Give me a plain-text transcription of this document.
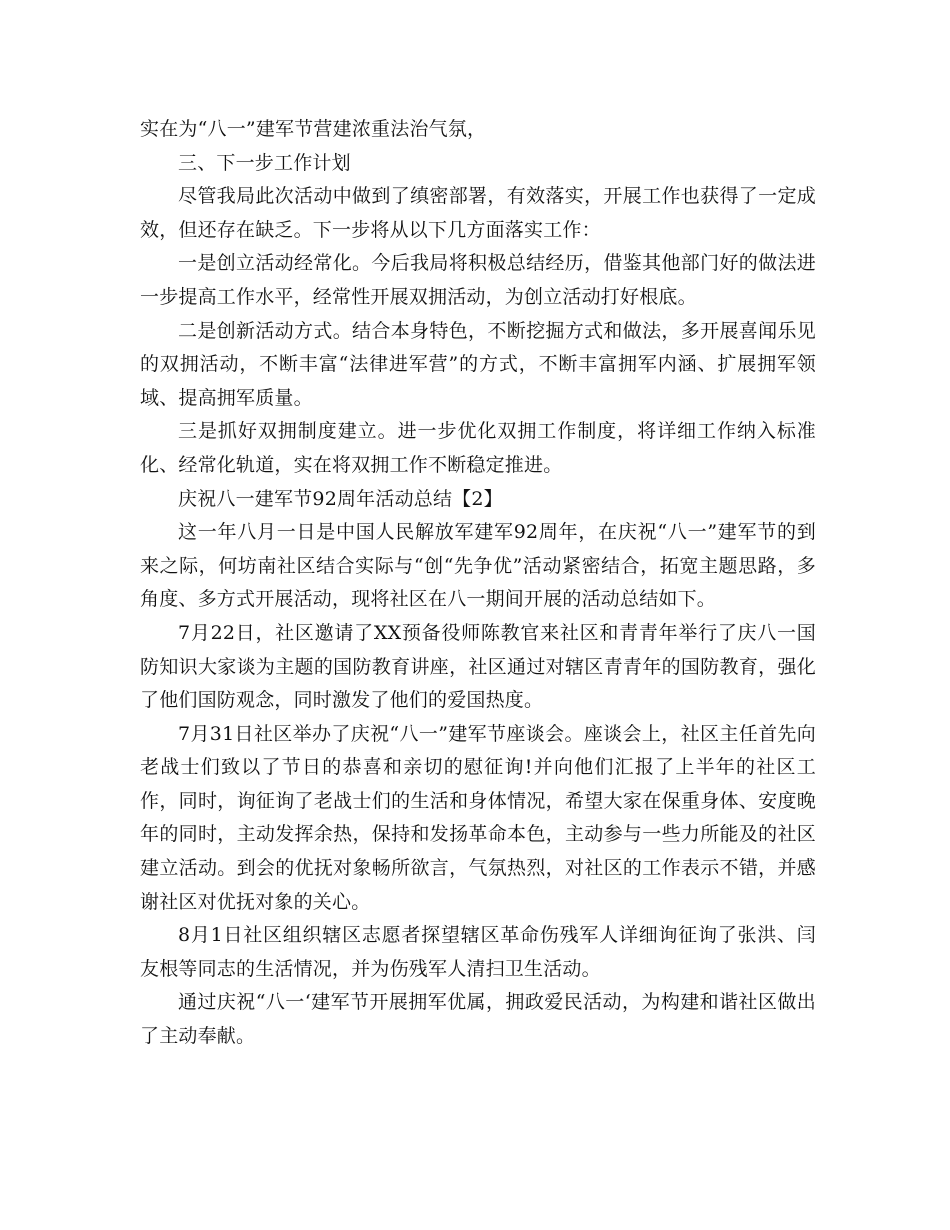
实在为“八一”建军节营建浓重法治气氛，

三、下一步工作计划

尽管我局此次活动中做到了缜密部署，有效落实，开展工作也获得了一定成效，但还存在缺乏。下一步将从以下几方面落实工作：

一是创立活动经常化。今后我局将积极总结经历，借鉴其他部门好的做法进一步提高工作水平，经常性开展双拥活动，为创立活动打好根底。

二是创新活动方式。结合本身特色，不断挖掘方式和做法，多开展喜闻乐见的双拥活动，不断丰富“法律进军营”的方式，不断丰富拥军内涵、扩展拥军领域、提高拥军质量。

三是抓好双拥制度建立。进一步优化双拥工作制度，将详细工作纳入标准化、经常化轨道，实在将双拥工作不断稳定推进。

庆祝八一建军节92周年活动总结【2】

这一年八月一日是中国人民解放军建军92周年，在庆祝“八一”建军节的到来之际，何坊南社区结合实际与“创“先争优”活动紧密结合，拓宽主题思路，多角度、多方式开展活动，现将社区在八一期间开展的活动总结如下。

7月22日，社区邀请了XX预备役师陈教官来社区和青青年举行了庆八一国防知识大家谈为主题的国防教育讲座，社区通过对辖区青青年的国防教育，强化了他们国防观念，同时激发了他们的爱国热度。

7月31日社区举办了庆祝“八一”建军节座谈会。座谈会上，社区主任首先向老战士们致以了节日的恭喜和亲切的慰征询!并向他们汇报了上半年的社区工作，同时，询征询了老战士们的生活和身体情况，希望大家在保重身体、安度晚年的同时，主动发挥余热，保持和发扬革命本色，主动参与一些力所能及的社区建立活动。到会的优抚对象畅所欲言，气氛热烈，对社区的工作表示不错，并感谢社区对优抚对象的关心。

8月1日社区组织辖区志愿者探望辖区革命伤残军人详细询征询了张洪、闫友根等同志的生活情况，并为伤残军人清扫卫生活动。

通过庆祝“八一‘建军节开展拥军优属，拥政爱民活动，为构建和谐社区做出了主动奉献。
